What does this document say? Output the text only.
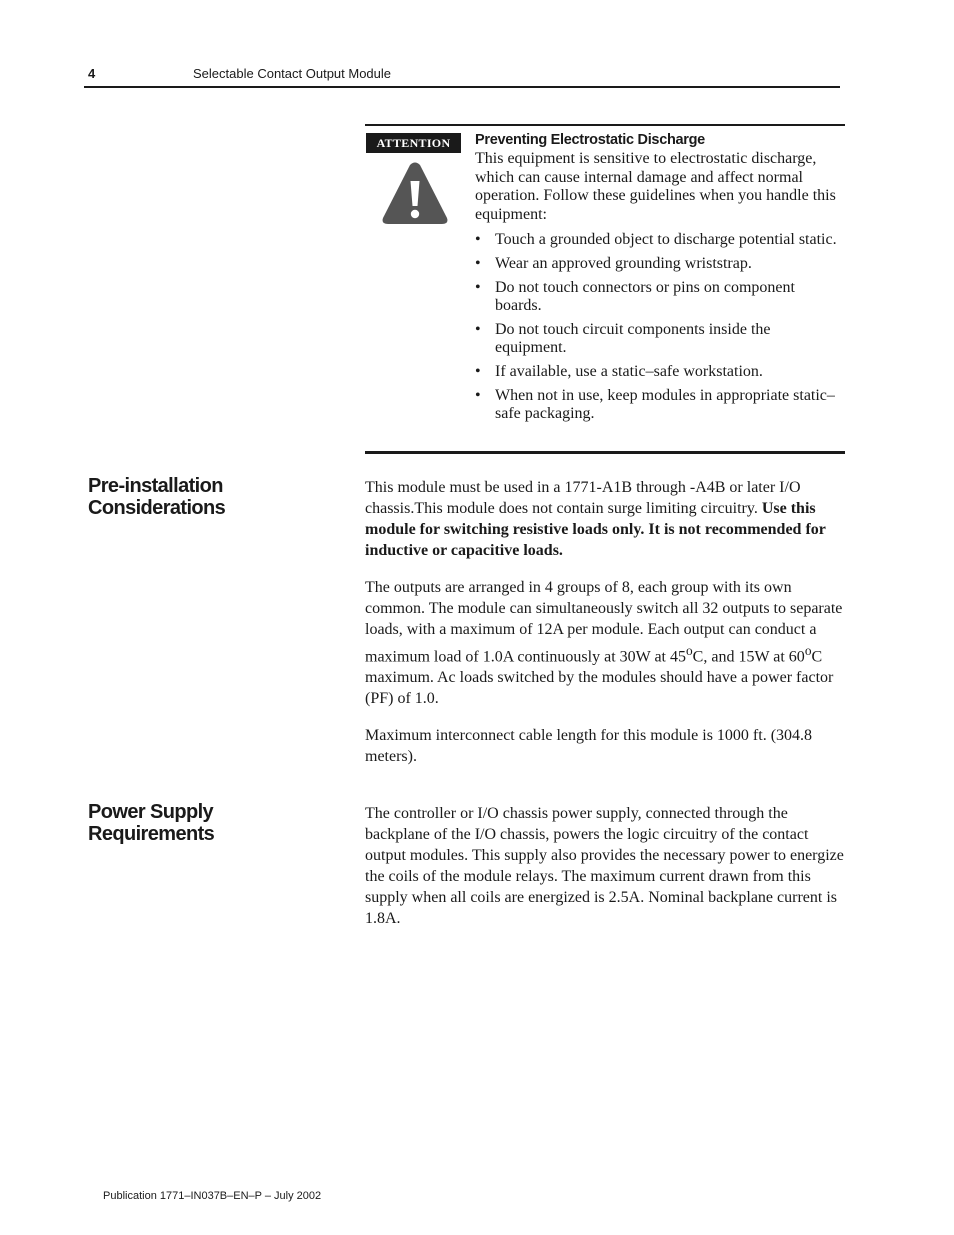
4	Selectable Contact Output Module
ATTENTION	Preventing Electrostatic Discharge

This equipment is sensitive to electrostatic discharge, which can cause internal damage and affect normal operation. Follow these guidelines when you handle this equipment:

• Touch a grounded object to discharge potential static.
• Wear an approved grounding wriststrap.
• Do not touch connectors or pins on component boards.
• Do not touch circuit components inside the equipment.
• If available, use a static–safe workstation.
• When not in use, keep modules in appropriate static–safe packaging.
Pre-installation
Considerations

This module must be used in a 1771-A1B through -A4B or later I/O chassis.This module does not contain surge limiting circuitry. Use this module for switching resistive loads only. It is not recommended for inductive or capacitive loads.

The outputs are arranged in 4 groups of 8, each group with its own common. The module can simultaneously switch all 32 outputs to separate loads, with a maximum of 12A per module. Each output can conduct a maximum load of 1.0A continuously at 30W at 45$^o$C, and 15W at 60$^o$C maximum. Ac loads switched by the modules should have a power factor (PF) of 1.0.

Maximum interconnect cable length for this module is 1000 ft. (304.8 meters).

Power Supply
Requirements

The controller or I/O chassis power supply, connected through the backplane of the I/O chassis, powers the logic circuitry of the contact output modules. This supply also provides the necessary power to energize the coils of the module relays. The maximum current drawn from this supply when all coils are energized is 2.5A. Nominal backplane current is 1.8A.

Publication 1771–IN037B–EN–P – July 2002
